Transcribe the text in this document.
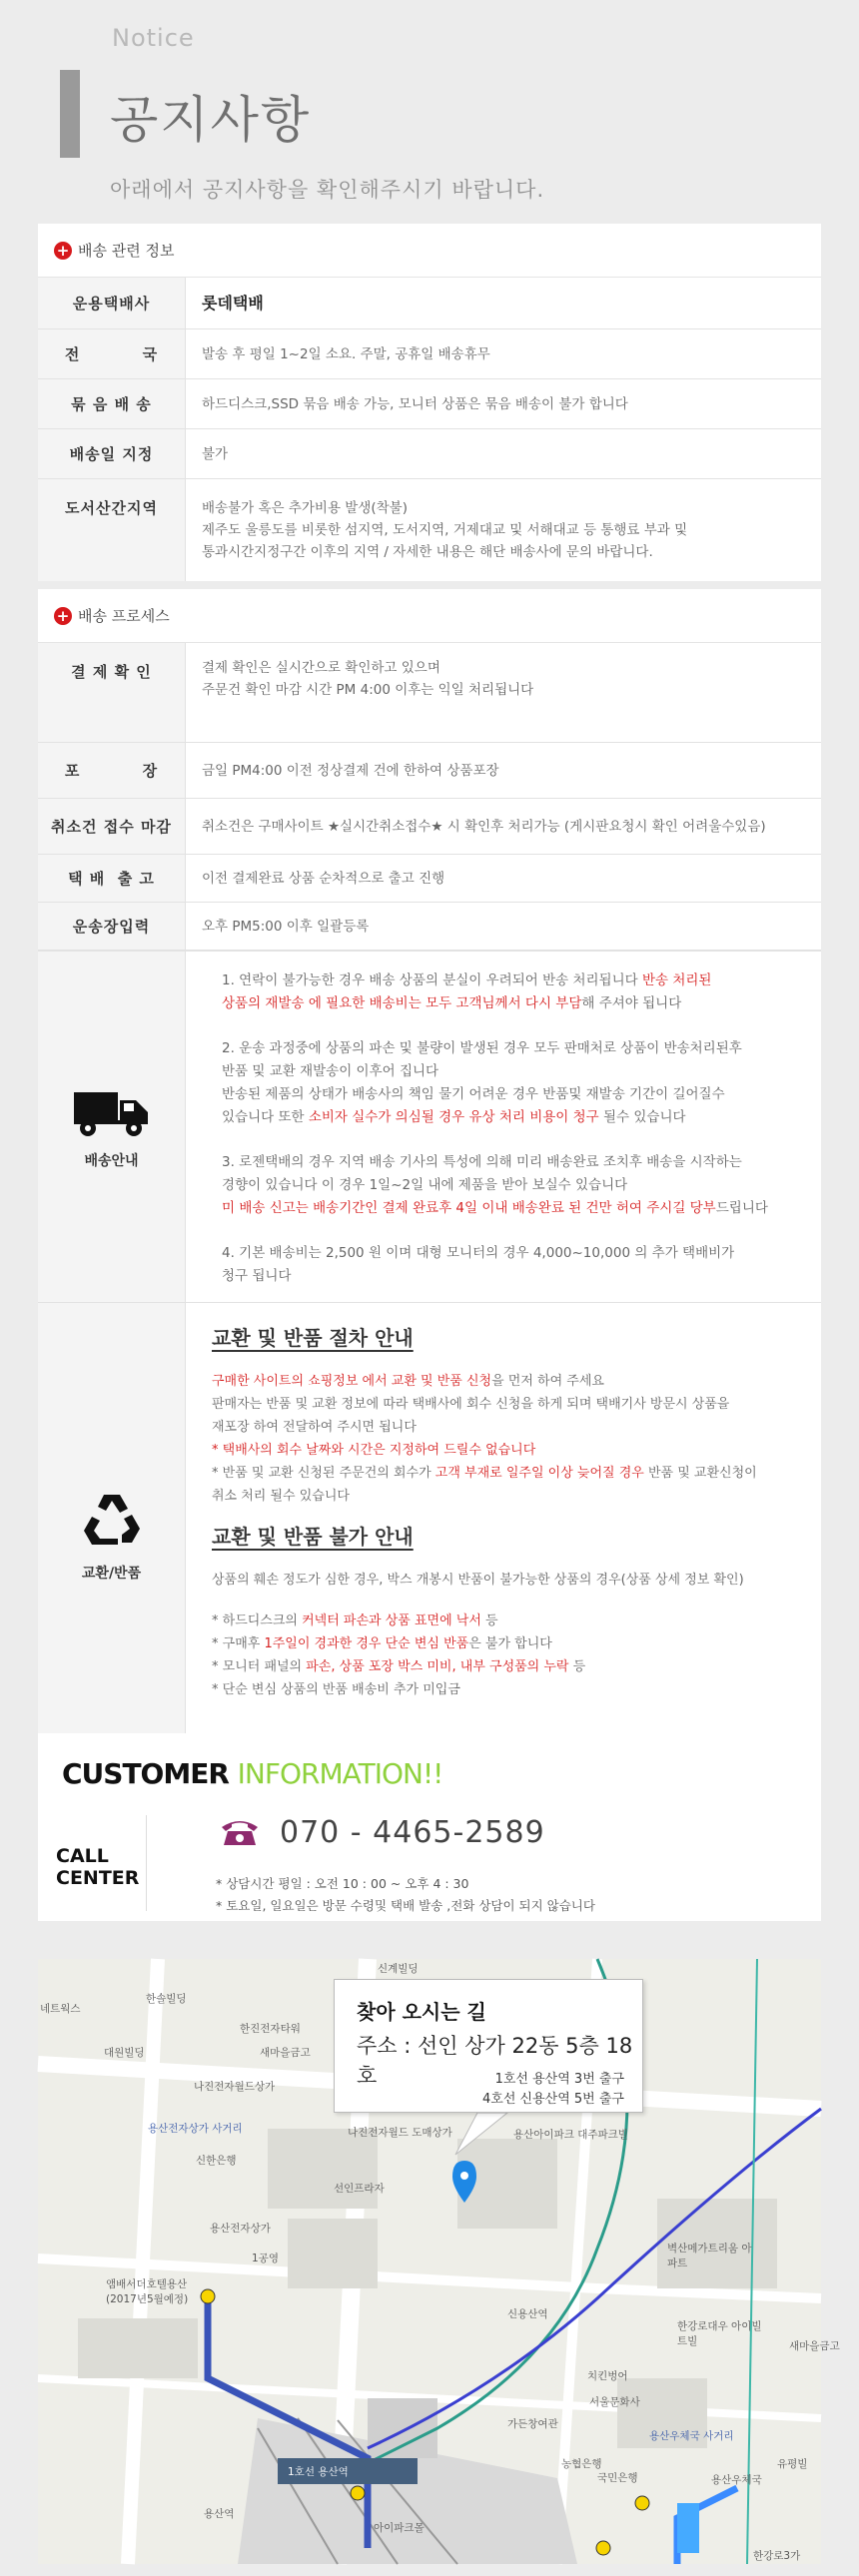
Notice
공지사항
아래에서 공지사항을 확인해주시기 바랍니다.
+ 배송 관련 정보
운용택배사	롯데택배
전          국	발송 후 평일 1~2일 소요. 주말, 공휴일 배송휴무
묶 음 배 송	하드디스크,SSD 묶음 배송 가능, 모니터 상품은 묶음 배송이 불가 합니다
배송일 지정	불가
도서산간지역	배송불가 혹은 추가비용 발생(착불)
제주도 울릉도를 비롯한 섬지역, 도서지역, 거제대교 및 서해대교 등 통행료 부과 및
통과시간지정구간 이후의 지역 / 자세한 내용은 해단 배송사에 문의 바랍니다.
+ 배송 프로세스
결 제 확 인	결제 확인은 실시간으로 확인하고 있으며
주문건 확인 마감 시간 PM 4:00 이후는 익일 처리됩니다
포          장	금일 PM4:00 이전 정상결제 건에 한하여 상품포장
취소건 접수 마감	취소건은 구매사이트 ★실시간취소접수★ 시 확인후 처리가능 (게시판요청시 확인 어려울수있음)
택 배  출 고	이전 결제완료 상품 순차적으로 출고 진행
운송장입력	오후 PM5:00 이후 일괄등록
배송안내

1. 연락이 불가능한 경우 배송 상품의 분실이 우려되어 반송 처리됩니다 반송 처리된
상품의 재발송 에 필요한 배송비는 모두 고객님께서 다시 부담해 주셔야 됩니다

2. 운송 과정중에 상품의 파손 및 불량이 발생된 경우 모두 판매처로 상품이 반송처리된후
반품 및 교환 재발송이 이후어 집니다
반송된 제품의 상태가 배송사의 책임 물기 어려운 경우 반품및 재발송 기간이 길어질수
있습니다 또한 소비자 실수가 의심될 경우 유상 처리 비용이 청구 될수 있습니다

3. 로젠택배의 경우 지역 배송 기사의 특성에 의해 미리 배송완료 조치후 배송을 시작하는
경향이 있습니다 이 경우 1일~2일 내에 제품을 받아 보실수 있습니다
미 배송 신고는 배송기간인 결제 완료후 4일 이내 배송완료 된 건만 허여 주시길 당부드립니다

4. 기본 배송비는 2,500 원 이며 대형 모니터의 경우 4,000~10,000 의 추가 택배비가
청구 됩니다

교환/반품
교환 및 반품 절차 안내
구매한 사이트의 쇼핑정보 에서 교환 및 반품 신청을 먼저 하여 주세요
판매자는 반품 및 교환 정보에 따라 택배사에 회수 신청을 하게 되며 택배기사 방문시 상품을
재포장 하여 전달하여 주시면 됩니다
* 택배사의 회수 날짜와 시간은 지정하여 드릴수 없습니다
* 반품 및 교환 신청된 주문건의 회수가 고객 부재로 일주일 이상 늦어질 경우 반품 및 교환신청이
취소 처리 될수 있습니다
교환 및 반품 불가 안내
상품의 훼손 정도가 심한 경우, 박스 개봉시 반품이 불가능한 상품의 경우(상품 상세 정보 확인)
* 하드디스크의 커넥터 파손과 상품 표면에 낙서 등
* 구매후 1주일이 경과한 경우 단순 변심 반품은 불가 합니다
* 모니터 패널의 파손, 상품 포장 박스 미비, 내부 구성품의 누락 등
* 단순 변심 상품의 반품 배송비 추가 미입금
CUSTOMER INFORMATION!!
CALL
CENTER
070 - 4465-2589
* 상담시간 평일 : 오전 10 : 00 ~ 오후 4 : 30
* 토요일, 일요일은 방문 수령및 택배 발송 ,전화 상담이 되지 않습니다
찾아 오시는 길
주소 : 선인 상가 22동 5층 18호	1호선 용산역 3번 출구
4호선 신용산역 5번 출구
신계빌딩
한솔빌딩
한진전자타워
네트웍스
대원빌딩	새마을금고
나진전자월드상가
용산전자상가 사거리
신한은행
나진전자월드 도매상가	용산아이파크 대주파크빌
선인프라자
용산전자상가
1공영
앰배서더호텔용산 (2017년5월예정)
신용산역
벽산메가트리움 아파트
한강로대우 아이빌트빌	새마을금고
용산우체국 사거리
치킨벙어
서울문화사
가든창여관
농협은행
국민은행	용산우체국
유평빌
용산역
아이파크몰
한강로3가
1호선 용산역
